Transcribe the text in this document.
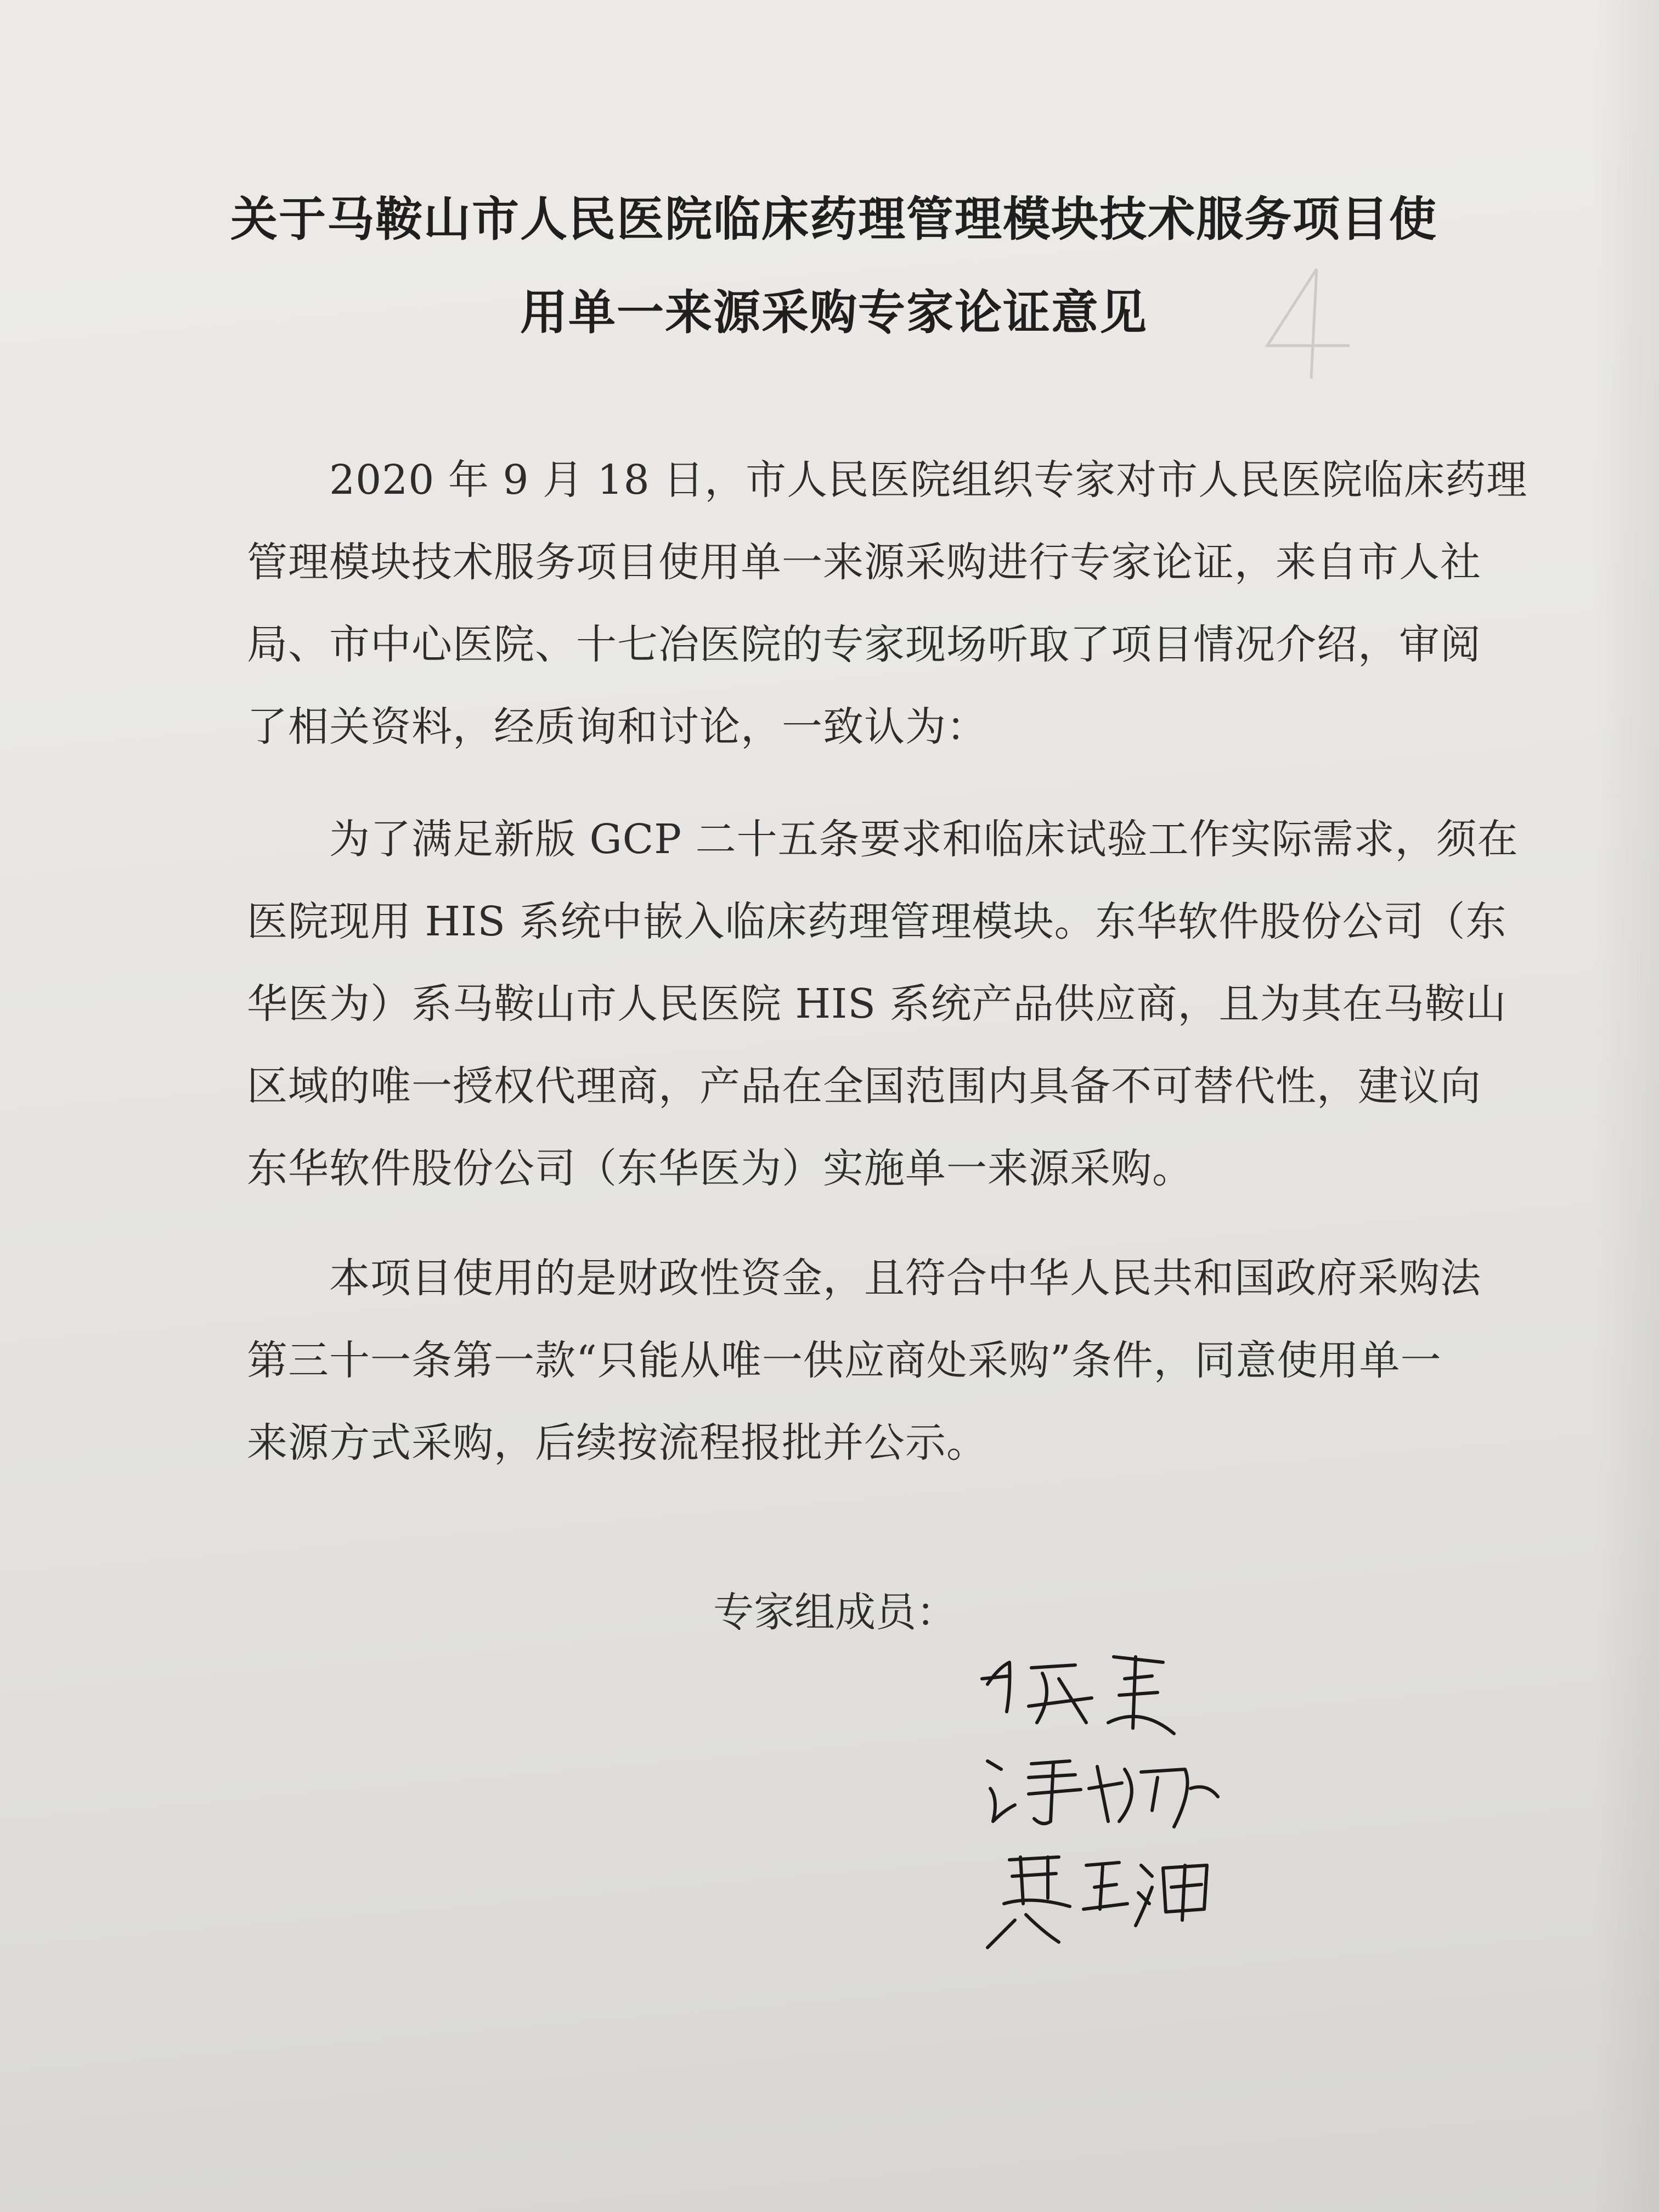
关于马鞍山市人民医院临床药理管理模块技术服务项目使
用单一来源采购专家论证意见
2020 年 9 月 18 日，市人民医院组织专家对市人民医院临床药理
管理模块技术服务项目使用单一来源采购进行专家论证，来自市人社
局、市中心医院、十七冶医院的专家现场听取了项目情况介绍，审阅
了相关资料，经质询和讨论，一致认为：
为了满足新版 GCP 二十五条要求和临床试验工作实际需求，须在
医院现用 HIS 系统中嵌入临床药理管理模块。东华软件股份公司（东
华医为）系马鞍山市人民医院 HIS 系统产品供应商，且为其在马鞍山
区域的唯一授权代理商，产品在全国范围内具备不可替代性，建议向
东华软件股份公司（东华医为）实施单一来源采购。
本项目使用的是财政性资金，且符合中华人民共和国政府采购法
第三十一条第一款“只能从唯一供应商处采购”条件，同意使用单一
来源方式采购，后续按流程报批并公示。
专家组成员：
